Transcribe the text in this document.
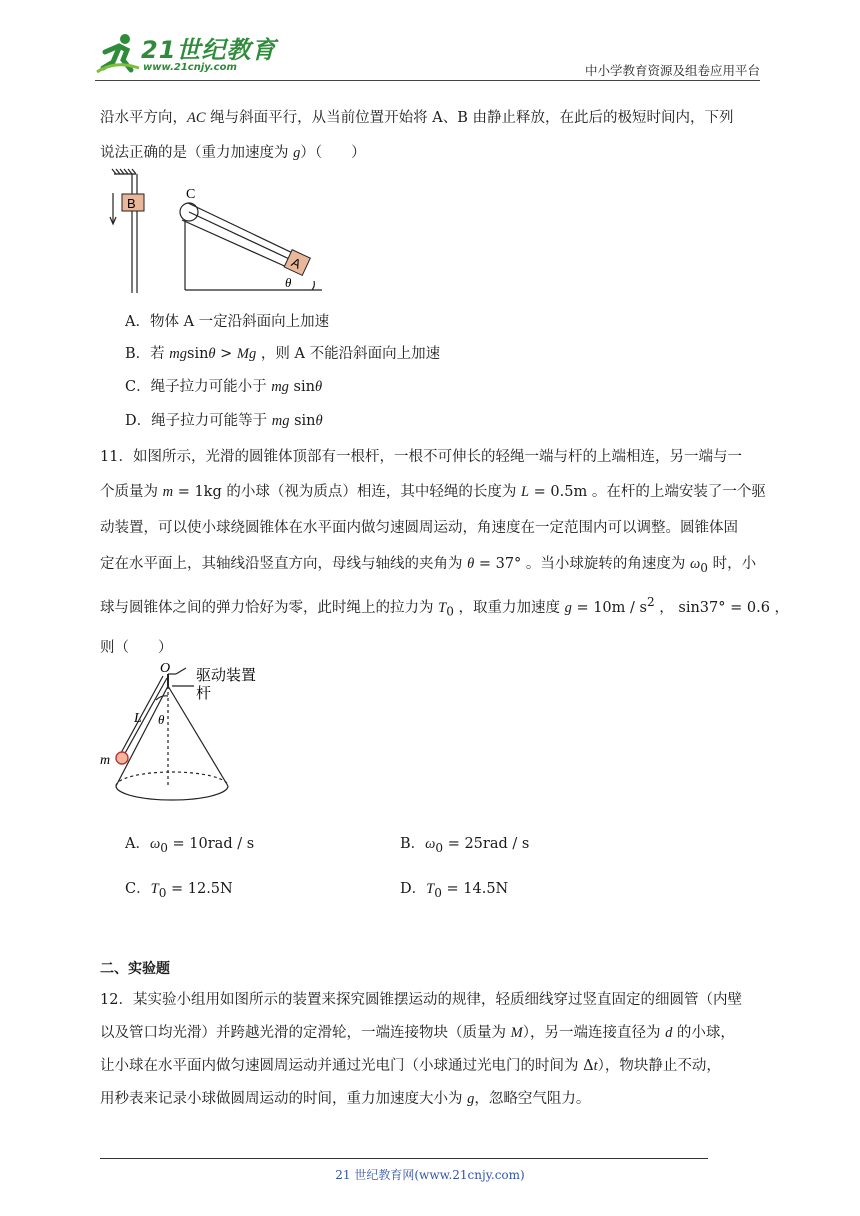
21世纪教育
www.21cnjy.com	中小学教育资源及组卷应用平台
沿水平方向，AC 绳与斜面平行，从当前位置开始将 A、B 由静止释放，在此后的极短时间内，下列
说法正确的是（重力加速度为 g）（　　）
B
C
A
θ
A．物体 A 一定沿斜面向上加速
B．若 mgsinθ > Mg ，则 A 不能沿斜面向上加速
C．绳子拉力可能小于 mg sinθ
D．绳子拉力可能等于 mg sinθ
11．如图所示，光滑的圆锥体顶部有一根杆，一根不可伸长的轻绳一端与杆的上端相连，另一端与一
个质量为 m = 1kg 的小球（视为质点）相连，其中轻绳的长度为 L = 0.5m 。在杆的上端安装了一个驱
动装置，可以使小球绕圆锥体在水平面内做匀速圆周运动，角速度在一定范围内可以调整。圆锥体固
定在水平面上，其轴线沿竖直方向，母线与轴线的夹角为 θ = 37° 。当小球旋转的角速度为 $\omega_0$ 时，小
球与圆锥体之间的弹力恰好为零，此时绳上的拉力为 $T_0$ ，取重力加速度 $g = 10m / s^2$ ， sin37° = 0.6 ，
则（　　）
O 驱动装置
杆
L θ
m
A．$\omega_0 = 10rad / s$	B．$\omega_0 = 25rad / s$
C．$T_0 = 12.5N$	D．$T_0 = 14.5N$
二、实验题
12．某实验小组用如图所示的装置来探究圆锥摆运动的规律，轻质细线穿过竖直固定的细圆管（内壁
以及管口均光滑）并跨越光滑的定滑轮，一端连接物块（质量为 M），另一端连接直径为 d 的小球，
让小球在水平面内做匀速圆周运动并通过光电门（小球通过光电门的时间为 Δt），物块静止不动，
用秒表来记录小球做圆周运动的时间，重力加速度大小为 g，忽略空气阻力。
21 世纪教育网(www.21cnjy.com)
